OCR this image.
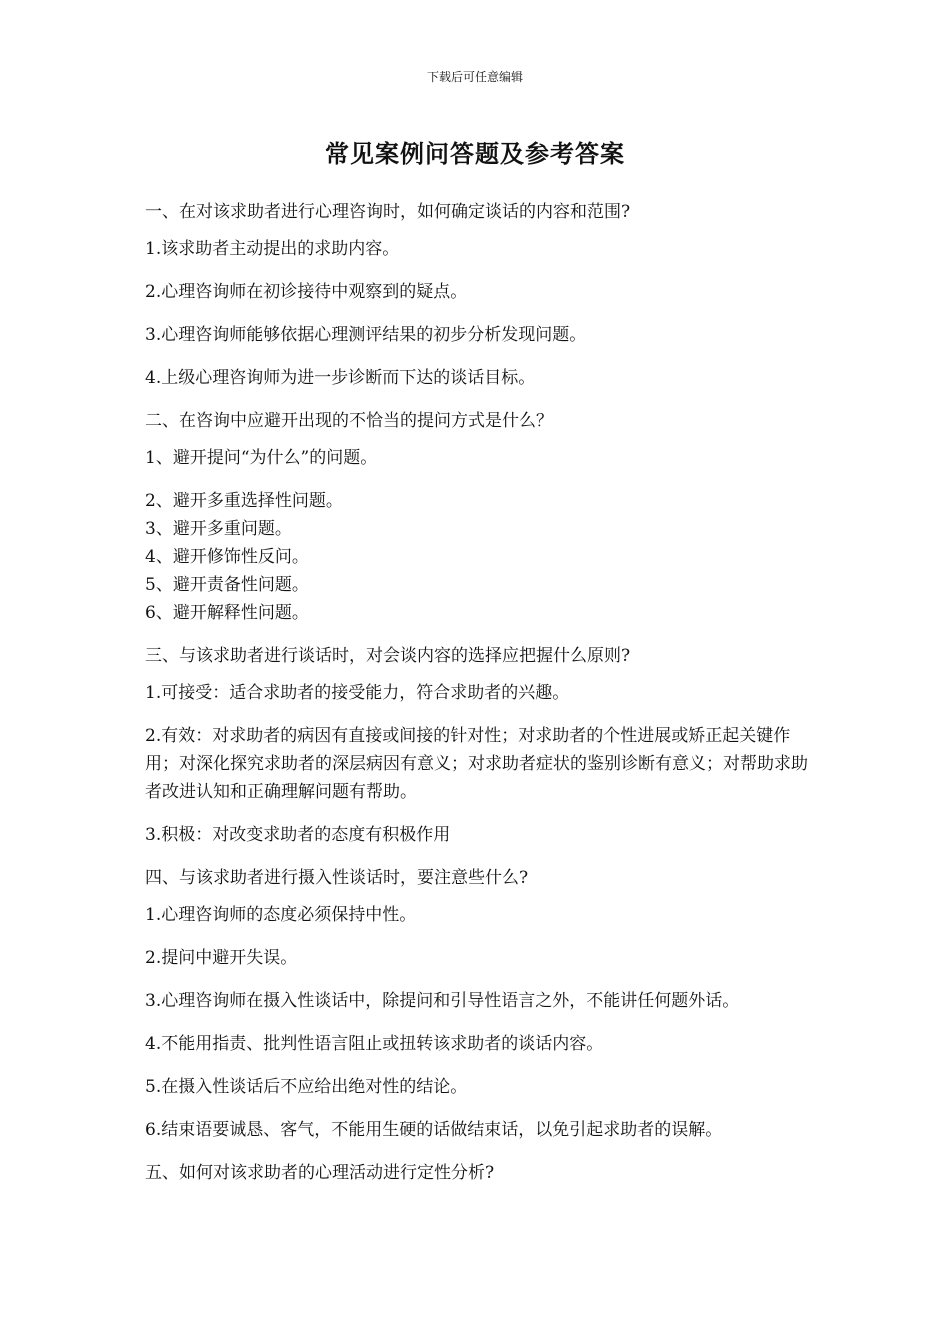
下载后可任意编辑
常见案例问答题及参考答案

一、在对该求助者进行心理咨询时，如何确定谈话的内容和范围?

1.该求助者主动提出的求助内容。

2.心理咨询师在初诊接待中观察到的疑点。

3.心理咨询师能够依据心理测评结果的初步分析发现问题。

4.上级心理咨询师为进一步诊断而下达的谈话目标。

二、在咨询中应避开出现的不恰当的提问方式是什么？

1、避开提问“为什么”的问题。

2、避开多重选择性问题。

3、避开多重问题。

4、避开修饰性反问。

5、避开责备性问题。

6、避开解释性问题。

三、与该求助者进行谈话时，对会谈内容的选择应把握什么原则?

1.可接受：适合求助者的接受能力，符合求助者的兴趣。

2.有效：对求助者的病因有直接或间接的针对性；对求助者的个性进展或矫正起关键作用；对深化探究求助者的深层病因有意义；对求助者症状的鉴别诊断有意义；对帮助求助者改进认知和正确理解问题有帮助。

3.积极：对改变求助者的态度有积极作用

四、与该求助者进行摄入性谈话时，要注意些什么?

1.心理咨询师的态度必须保持中性。

2.提问中避开失误。

3.心理咨询师在摄入性谈话中，除提问和引导性语言之外，不能讲任何题外话。

4.不能用指责、批判性语言阻止或扭转该求助者的谈话内容。

5.在摄入性谈话后不应给出绝对性的结论。

6.结束语要诚恳、客气，不能用生硬的话做结束话，以免引起求助者的误解。

五、如何对该求助者的心理活动进行定性分析?
